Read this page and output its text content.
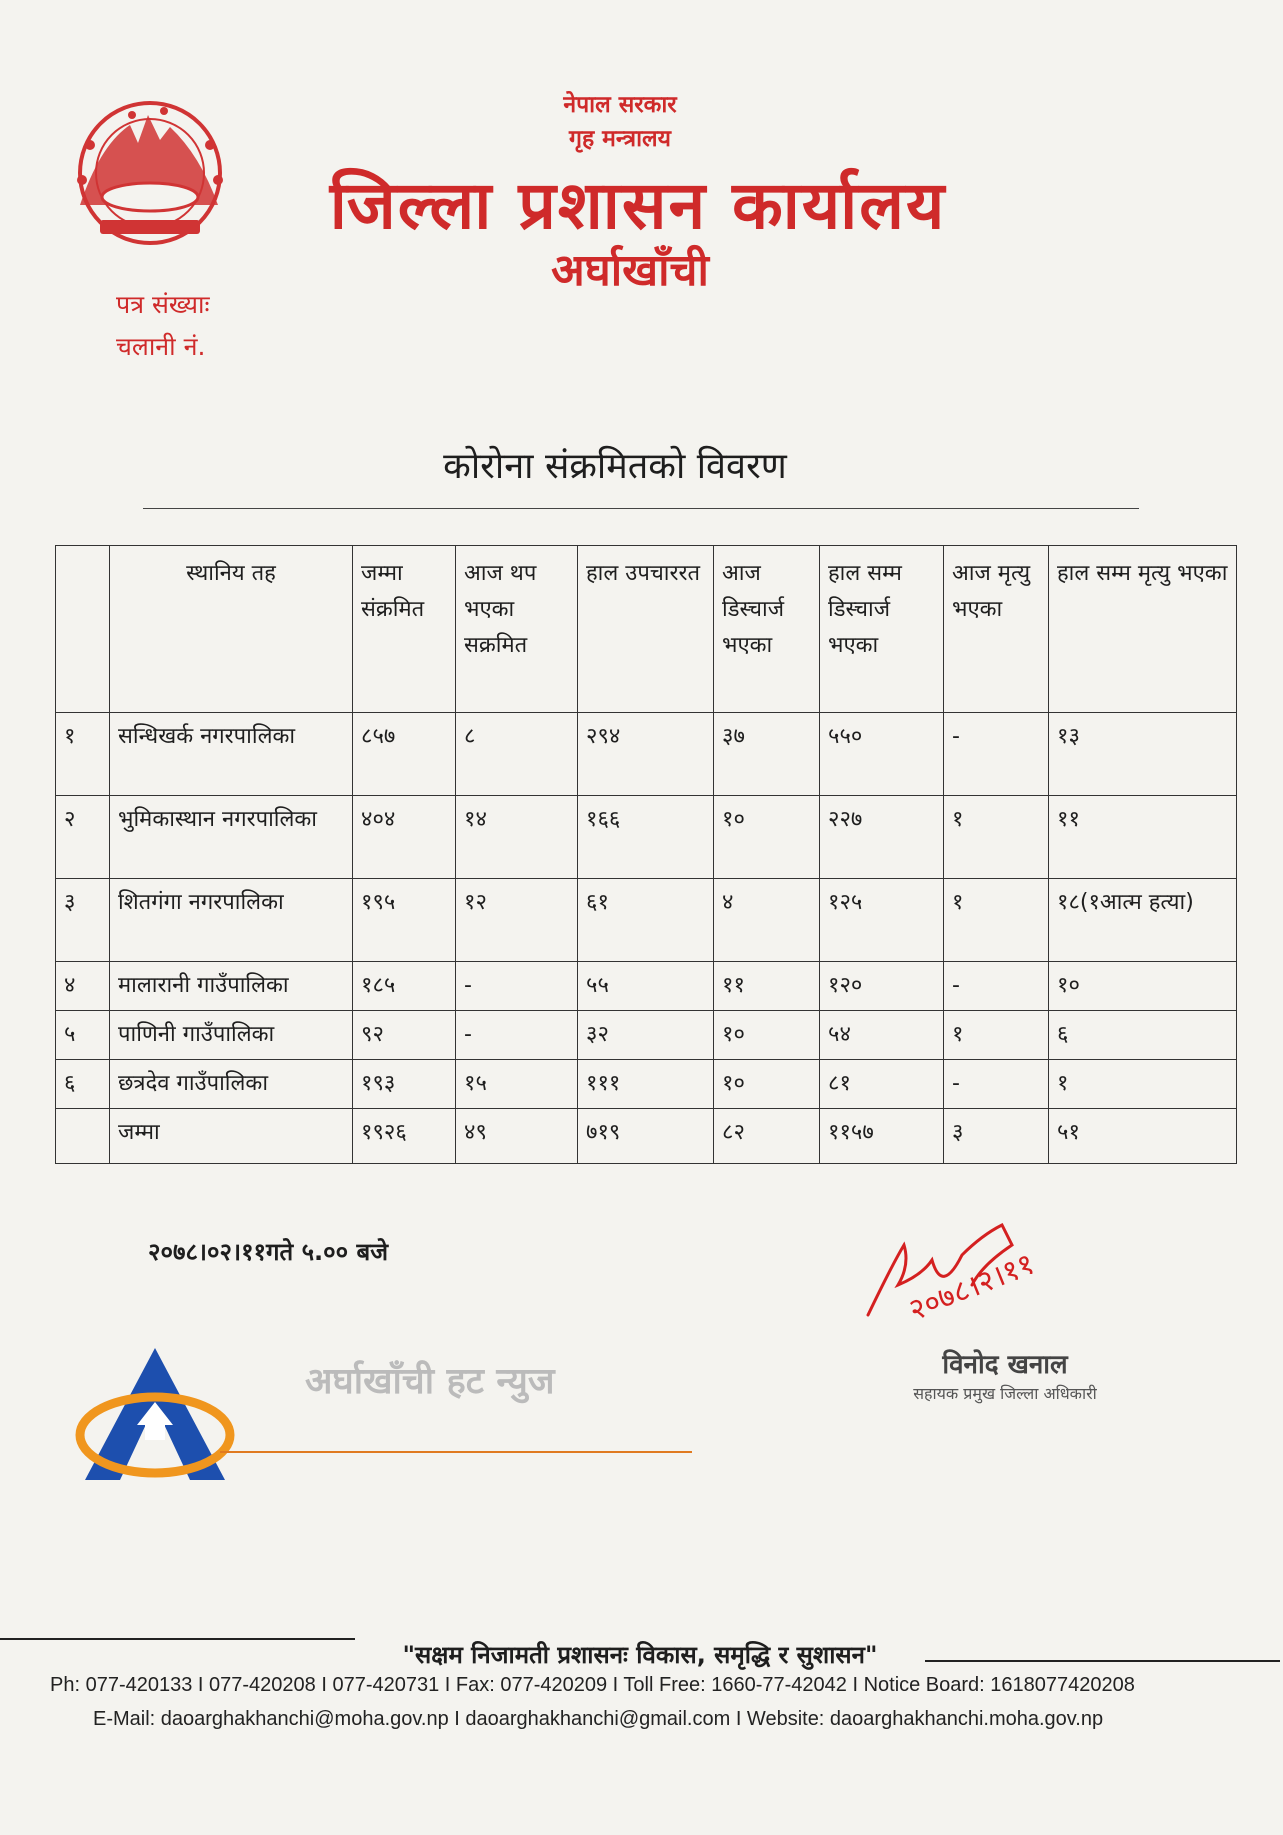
नेपाल सरकार
गृह मन्त्रालय
जिल्ला प्रशासन कार्यालय
अर्घाखाँची
पत्र संख्याः
चलानी नं.
कोरोना संक्रमितको विवरण
	स्थानिय तह	जम्मा संक्रमित	आज थप भएका सक्रमित	हाल उपचाररत	आज डिस्चार्ज भएका	हाल सम्म डिस्चार्ज भएका	आज मृत्यु भएका	हाल सम्म मृत्यु भएका
१	सन्धिखर्क नगरपालिका	८५७	८	२९४	३७	५५०	-	१३
२	भुमिकास्थान नगरपालिका	४०४	१४	१६६	१०	२२७	१	११
३	शितगंगा नगरपालिका	१९५	१२	६१	४	१२५	१	१८(१आत्म हत्या)
४	मालारानी गाउँपालिका	१८५	-	५५	११	१२०	-	१०
५	पाणिनी गाउँपालिका	९२	-	३२	१०	५४	१	६
६	छत्रदेव गाउँपालिका	१९३	१५	१११	१०	८१	-	१
	जम्मा	१९२६	४९	७१९	८२	११५७	३	५१
२०७८।०२।११गते ५.०० बजे	२०७८।२।११
विनोद खनाल
सहायक प्रमुख जिल्ला अधिकारी
अर्घाखाँची हट न्युज
"सक्षम निजामती प्रशासनः विकास, समृद्धि र सुशासन"
Ph: 077-420133 I 077-420208 I 077-420731 I Fax: 077-420209 I Toll Free: 1660-77-42042 I Notice Board: 1618077420208
E-Mail: daoarghakhanchi@moha.gov.np I daoarghakhanchi@gmail.com I Website: daoarghakhanchi.moha.gov.np
